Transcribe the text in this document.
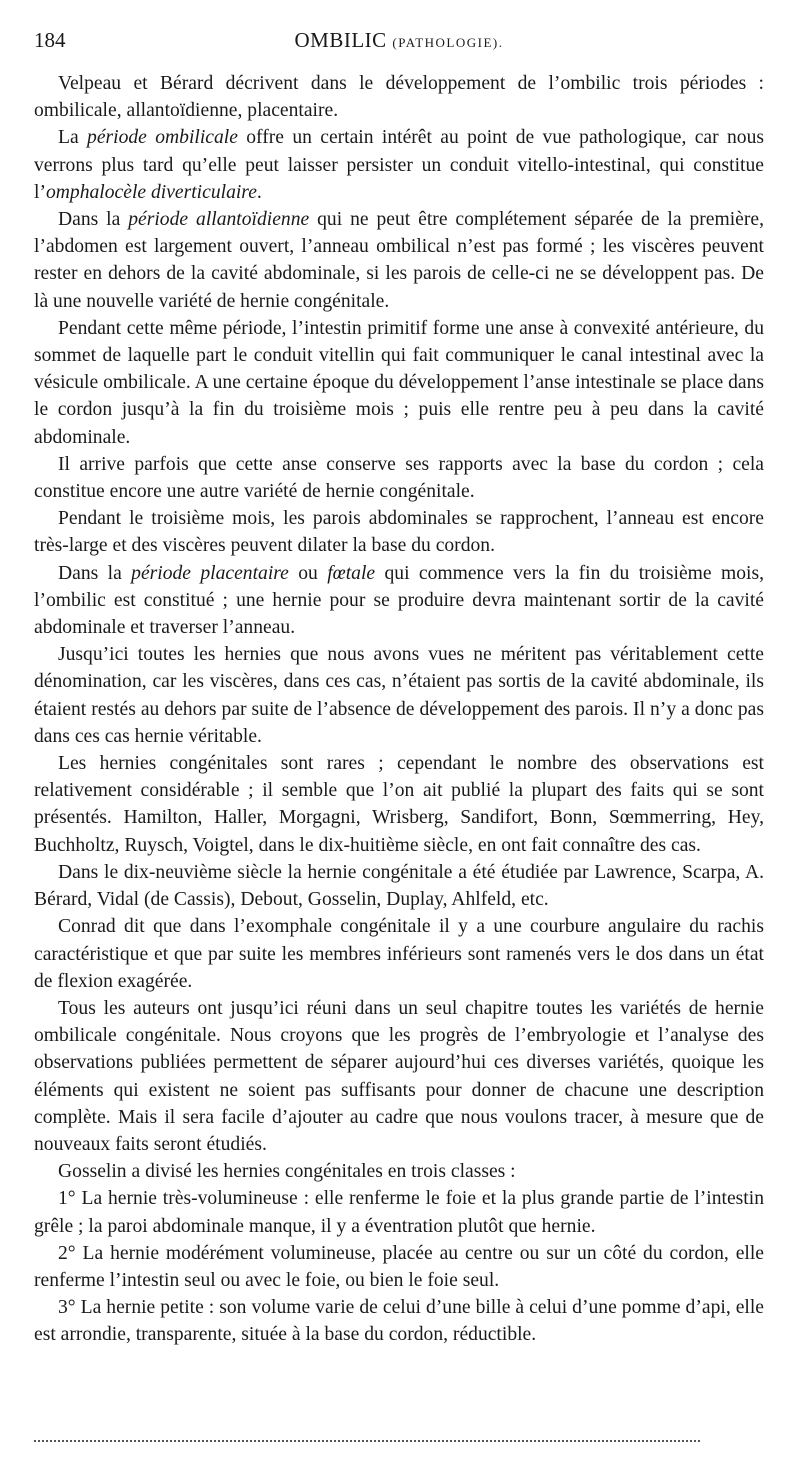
184	OMBILIC (PATHOLOGIE).

Velpeau et Bérard décrivent dans le développement de l’ombilic trois périodes : ombilicale, allantoïdienne, placentaire.

La période ombilicale offre un certain intérêt au point de vue pathologique, car nous verrons plus tard qu’elle peut laisser persister un conduit vitello-intestinal, qui constitue l’omphalocèle diverticulaire.

Dans la période allantoïdienne qui ne peut être complétement séparée de la première, l’abdomen est largement ouvert, l’anneau ombilical n’est pas formé ; les viscères peuvent rester en dehors de la cavité abdominale, si les parois de celle-ci ne se développent pas. De là une nouvelle variété de hernie congénitale.

Pendant cette même période, l’intestin primitif forme une anse à convexité antérieure, du sommet de laquelle part le conduit vitellin qui fait communiquer le canal intestinal avec la vésicule ombilicale. A une certaine époque du développement l’anse intestinale se place dans le cordon jusqu’à la fin du troisième mois ; puis elle rentre peu à peu dans la cavité abdominale.

Il arrive parfois que cette anse conserve ses rapports avec la base du cordon ; cela constitue encore une autre variété de hernie congénitale.

Pendant le troisième mois, les parois abdominales se rapprochent, l’anneau est encore très-large et des viscères peuvent dilater la base du cordon.

Dans la période placentaire ou fœtale qui commence vers la fin du troisième mois, l’ombilic est constitué ; une hernie pour se produire devra maintenant sortir de la cavité abdominale et traverser l’anneau.

Jusqu’ici toutes les hernies que nous avons vues ne méritent pas véritablement cette dénomination, car les viscères, dans ces cas, n’étaient pas sortis de la cavité abdominale, ils étaient restés au dehors par suite de l’absence de développement des parois. Il n’y a donc pas dans ces cas hernie véritable.

Les hernies congénitales sont rares ; cependant le nombre des observations est relativement considérable ; il semble que l’on ait publié la plupart des faits qui se sont présentés. Hamilton, Haller, Morgagni, Wrisberg, Sandifort, Bonn, Sœmmerring, Hey, Buchholtz, Ruysch, Voigtel, dans le dix-huitième siècle, en ont fait connaître des cas.

Dans le dix-neuvième siècle la hernie congénitale a été étudiée par Lawrence, Scarpa, A. Bérard, Vidal (de Cassis), Debout, Gosselin, Duplay, Ahlfeld, etc.

Conrad dit que dans l’exomphale congénitale il y a une courbure angulaire du rachis caractéristique et que par suite les membres inférieurs sont ramenés vers le dos dans un état de flexion exagérée.

Tous les auteurs ont jusqu’ici réuni dans un seul chapitre toutes les variétés de hernie ombilicale congénitale. Nous croyons que les progrès de l’embryologie et l’analyse des observations publiées permettent de séparer aujourd’hui ces diverses variétés, quoique les éléments qui existent ne soient pas suffisants pour donner de chacune une description complète. Mais il sera facile d’ajouter au cadre que nous voulons tracer, à mesure que de nouveaux faits seront étudiés.

Gosselin a divisé les hernies congénitales en trois classes :

1° La hernie très-volumineuse : elle renferme le foie et la plus grande partie de l’intestin grêle ; la paroi abdominale manque, il y a éventration plutôt que hernie.

2° La hernie modérément volumineuse, placée au centre ou sur un côté du cordon, elle renferme l’intestin seul ou avec le foie, ou bien le foie seul.

3° La hernie petite : son volume varie de celui d’une bille à celui d’une pomme d’api, elle est arrondie, transparente, située à la base du cordon, réductible.
